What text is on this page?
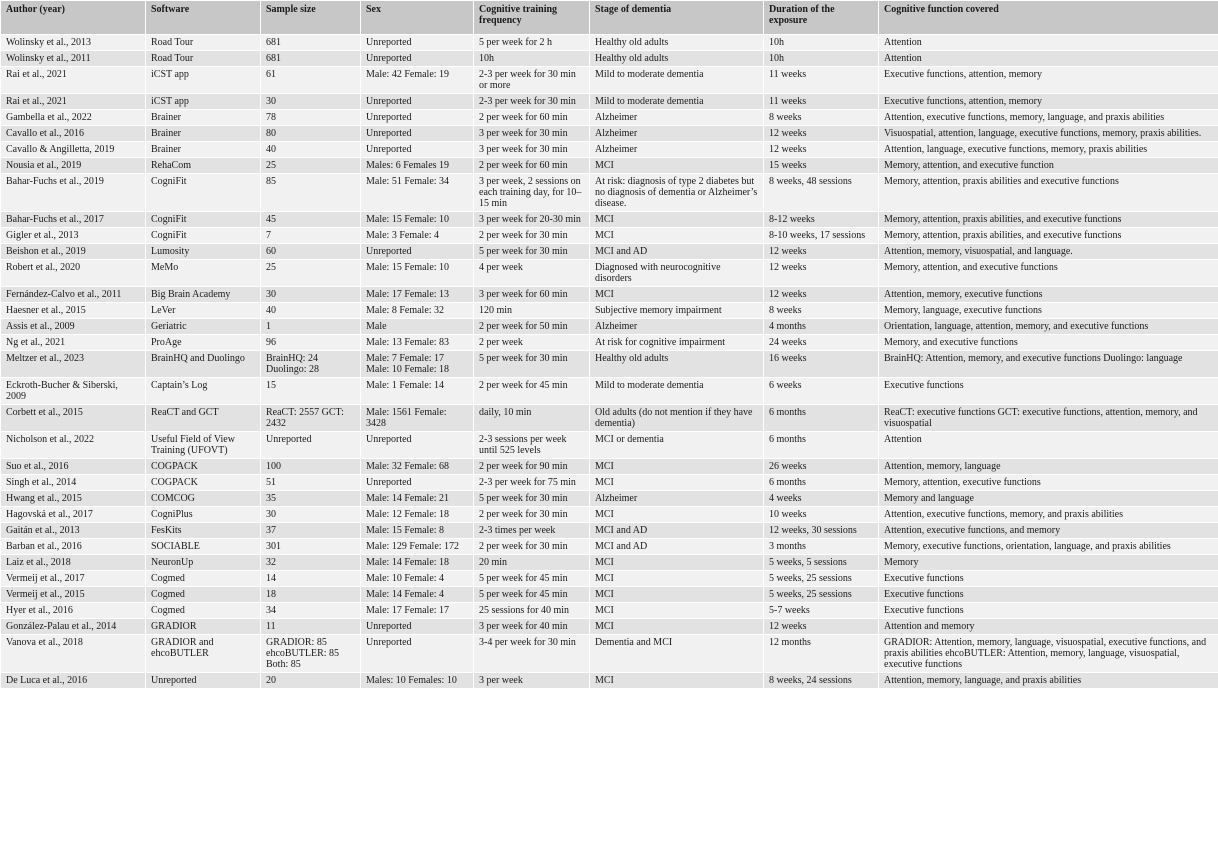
Author (year)	Software	Sample size	Sex	Cognitive training frequency	Stage of dementia	Duration of the exposure	Cognitive function covered
Wolinsky et al., 2013	Road Tour	681	Unreported	5 per week for 2 h	Healthy old adults	10h	Attention
Wolinsky et al., 2011	Road Tour	681	Unreported	10h	Healthy old adults	10h	Attention
Rai et al., 2021	iCST app	61	Male: 42 Female: 19	2-3 per week for 30 min or more	Mild to moderate dementia	11 weeks	Executive functions, attention, memory
Rai et al., 2021	iCST app	30	Unreported	2-3 per week for 30 min	Mild to moderate dementia	11 weeks	Executive functions, attention, memory
Gambella et al., 2022	Brainer	78	Unreported	2 per week for 60 min	Alzheimer	8 weeks	Attention, executive functions, memory, language, and praxis abilities
Cavallo et al., 2016	Brainer	80	Unreported	3 per week for 30 min	Alzheimer	12 weeks	Visuospatial, attention, language, executive functions, memory, praxis abilities.
Cavallo & Angilletta, 2019	Brainer	40	Unreported	3 per week for 30 min	Alzheimer	12 weeks	Attention, language, executive functions, memory, praxis abilities
Nousia et al., 2019	RehaCom	25	Males: 6 Females 19	2 per week for 60 min	MCI	15 weeks	Memory, attention, and executive function
Bahar-Fuchs et al., 2019	CogniFit	85	Male: 51 Female: 34	3 per week, 2 sessions on each training day, for 10–15 min	At risk: diagnosis of type 2 diabetes but no diagnosis of dementia or Alzheimer’s disease.	8 weeks, 48 sessions	Memory, attention, praxis abilities and executive functions
Bahar-Fuchs et al., 2017	CogniFit	45	Male: 15 Female: 10	3 per week for 20-30 min	MCI	8-12 weeks	Memory, attention, praxis abilities, and executive functions
Gigler et al., 2013	CogniFit	7	Male: 3 Female: 4	2 per week for 30 min	MCI	8-10 weeks, 17 sessions	Memory, attention, praxis abilities, and executive functions
Beishon et al., 2019	Lumosity	60	Unreported	5 per week for 30 min	MCI and AD	12 weeks	Attention, memory, visuospatial, and language.
Robert et al., 2020	MeMo	25	Male: 15 Female: 10	4 per week	Diagnosed with neurocognitive disorders	12 weeks	Memory, attention, and executive functions
Fernández-Calvo et al., 2011	Big Brain Academy	30	Male: 17 Female: 13	3 per week for 60 min	MCI	12 weeks	Attention, memory, executive functions
Haesner et al., 2015	LeVer	40	Male: 8 Female: 32	120 min	Subjective memory impairment	8 weeks	Memory, language, executive functions
Assis et al., 2009	Geriatric	1	Male	2 per week for 50 min	Alzheimer	4 months	Orientation, language, attention, memory, and executive functions
Ng et al., 2021	ProAge	96	Male: 13 Female: 83	2 per week	At risk for cognitive impairment	24 weeks	Memory, and executive functions
Meltzer et al., 2023	BrainHQ and Duolingo	BrainHQ: 24 Duolingo: 28	Male: 7 Female: 17 Male: 10 Female: 18	5 per week for 30 min	Healthy old adults	16 weeks	BrainHQ: Attention, memory, and executive functions Duolingo: language
Eckroth-Bucher & Siberski, 2009	Captain’s Log	15	Male: 1 Female: 14	2 per week for 45 min	Mild to moderate dementia	6 weeks	Executive functions
Corbett et al., 2015	ReaCT and GCT	ReaCT: 2557 GCT: 2432	Male: 1561 Female: 3428	daily, 10 min	Old adults (do not mention if they have dementia)	6 months	ReaCT: executive functions GCT: executive functions, attention, memory, and visuospatial
Nicholson et al., 2022	Useful Field of View Training (UFOVT)	Unreported	Unreported	2-3 sessions per week until 525 levels	MCI or dementia	6 months	Attention
Suo et al., 2016	COGPACK	100	Male: 32 Female: 68	2 per week for 90 min	MCI	26 weeks	Attention, memory, language
Singh et al., 2014	COGPACK	51	Unreported	2-3 per week for 75 min	MCI	6 months	Memory, attention, executive functions
Hwang et al., 2015	COMCOG	35	Male: 14 Female: 21	5 per week for 30 min	Alzheimer	4 weeks	Memory and language
Hagovská et al., 2017	CogniPlus	30	Male: 12 Female: 18	2 per week for 30 min	MCI	10 weeks	Attention, executive functions, memory, and praxis abilities
Gaitán et al., 2013	FesKits	37	Male: 15 Female: 8	2-3 times per week	MCI and AD	12 weeks, 30 sessions	Attention, executive functions, and memory
Barban et al., 2016	SOCIABLE	301	Male: 129 Female: 172	2 per week for 30 min	MCI and AD	3 months	Memory, executive functions, orientation, language, and praxis abilities
Laiz et al., 2018	NeuronUp	32	Male: 14 Female: 18	20 min	MCI	5 weeks, 5 sessions	Memory
Vermeij et al., 2017	Cogmed	14	Male: 10 Female: 4	5 per week for 45 min	MCI	5 weeks, 25 sessions	Executive functions
Vermeij et al., 2015	Cogmed	18	Male: 14 Female: 4	5 per week for 45 min	MCI	5 weeks, 25 sessions	Executive functions
Hyer et al., 2016	Cogmed	34	Male: 17 Female: 17	25 sessions for 40 min	MCI	5-7 weeks	Executive functions
González-Palau et al., 2014	GRADIOR	11	Unreported	3 per week for 40 min	MCI	12 weeks	Attention and memory
Vanova et al., 2018	GRADIOR and ehcoBUTLER	GRADIOR: 85 ehcoBUTLER: 85 Both: 85	Unreported	3-4 per week for 30 min	Dementia and MCI	12 months	GRADIOR: Attention, memory, language, visuospatial, executive functions, and praxis abilities ehcoBUTLER: Attention, memory, language, visuospatial, executive functions
De Luca et al., 2016	Unreported	20	Males: 10 Females: 10	3 per week	MCI	8 weeks, 24 sessions	Attention, memory, language, and praxis abilities
